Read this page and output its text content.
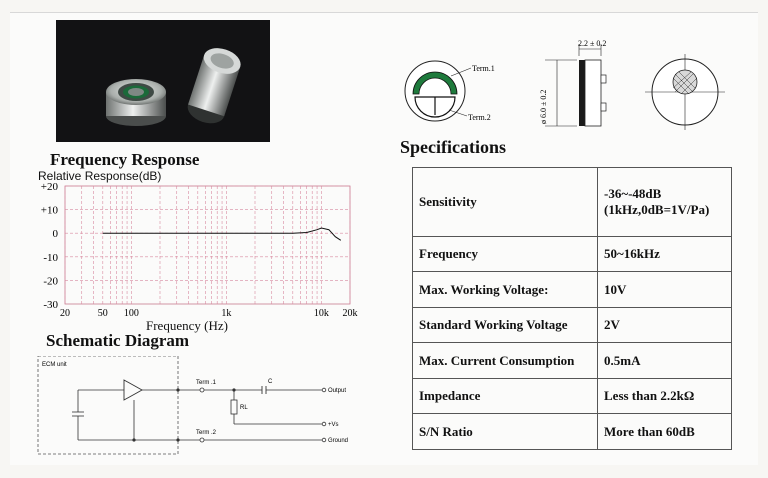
Frequency Response
Relative Response(dB)
+20
+10
0
-10
-20
-30
20	50 100	1k	10k 20k
Frequency (Hz)
Schematic Diagram
ECM unit
Term .1
Term .2
C
Output
RL
+Vs
Ground
Term.1
Term.2
2.2 ± 0.2
ø 6.0 ± 0.2
Specifications
Sensitivity	-36~-48dB
(1kHz,0dB=1V/Pa)
Frequency	50~16kHz
Max. Working Voltage:	10V
Standard Working Voltage	2V
Max. Current Consumption	0.5mA
Impedance	Less than 2.2kΩ
S/N Ratio	More than 60dB
